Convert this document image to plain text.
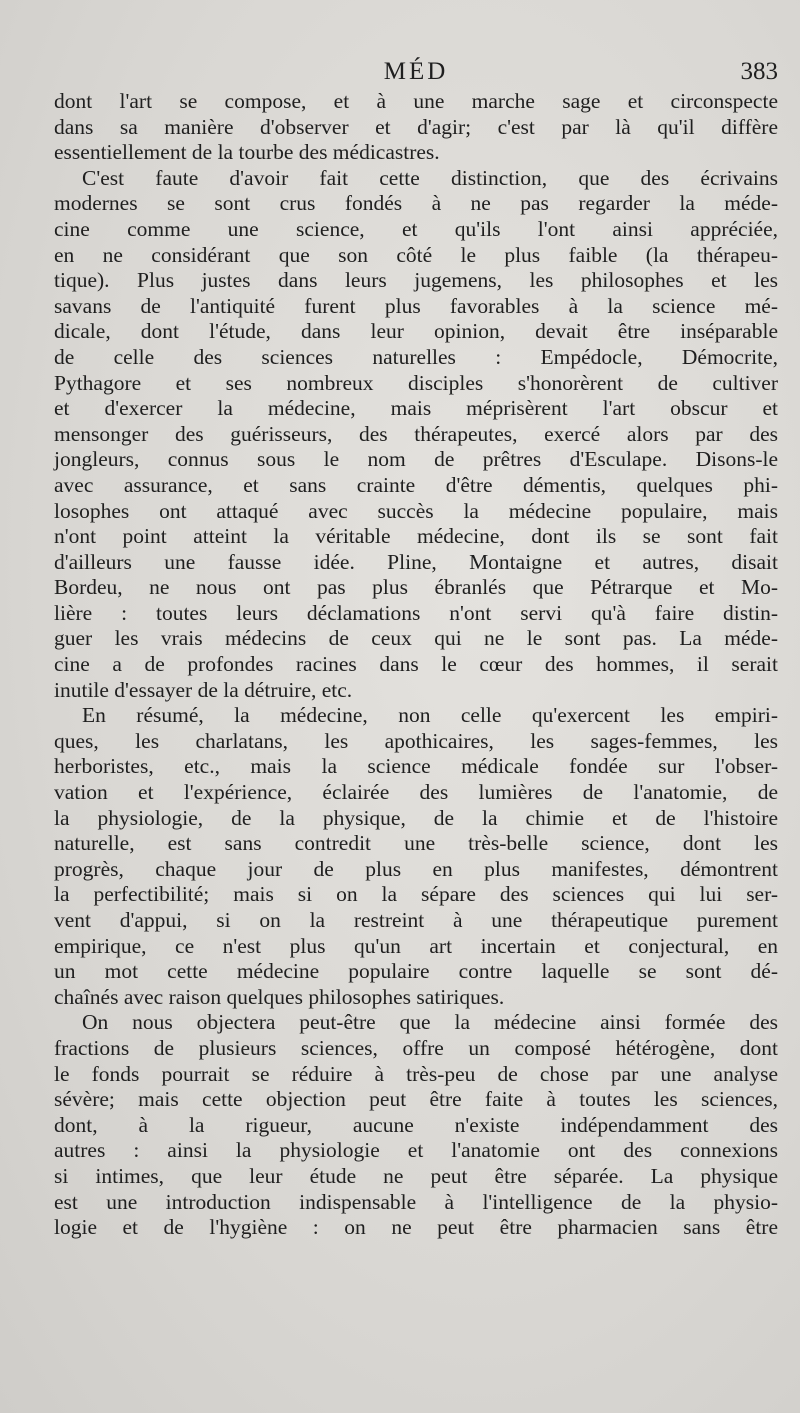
MÉD	383
dont l'art se compose, et à une marche sage et circonspecte
dans sa manière d'observer et d'agir; c'est par là qu'il diffère
essentiellement de la tourbe des médicastres.
C'est faute d'avoir fait cette distinction, que des écrivains
modernes se sont crus fondés à ne pas regarder la méde-
cine comme une science, et qu'ils l'ont ainsi appréciée,
en ne considérant que son côté le plus faible (la thérapeu-
tique). Plus justes dans leurs jugemens, les philosophes et les
savans de l'antiquité furent plus favorables à la science mé-
dicale, dont l'étude, dans leur opinion, devait être inséparable
de celle des sciences naturelles : Empédocle, Démocrite,
Pythagore et ses nombreux disciples s'honorèrent de cultiver
et d'exercer la médecine, mais méprisèrent l'art obscur et
mensonger des guérisseurs, des thérapeutes, exercé alors par des
jongleurs, connus sous le nom de prêtres d'Esculape. Disons-le
avec assurance, et sans crainte d'être démentis, quelques phi-
losophes ont attaqué avec succès la médecine populaire, mais
n'ont point atteint la véritable médecine, dont ils se sont fait
d'ailleurs une fausse idée. Pline, Montaigne et autres, disait
Bordeu, ne nous ont pas plus ébranlés que Pétrarque et Mo-
lière : toutes leurs déclamations n'ont servi qu'à faire distin-
guer les vrais médecins de ceux qui ne le sont pas. La méde-
cine a de profondes racines dans le cœur des hommes, il serait
inutile d'essayer de la détruire, etc.
En résumé, la médecine, non celle qu'exercent les empiri-
ques, les charlatans, les apothicaires, les sages-femmes, les
herboristes, etc., mais la science médicale fondée sur l'obser-
vation et l'expérience, éclairée des lumières de l'anatomie, de
la physiologie, de la physique, de la chimie et de l'histoire
naturelle, est sans contredit une très-belle science, dont les
progrès, chaque jour de plus en plus manifestes, démontrent
la perfectibilité; mais si on la sépare des sciences qui lui ser-
vent d'appui, si on la restreint à une thérapeutique purement
empirique, ce n'est plus qu'un art incertain et conjectural, en
un mot cette médecine populaire contre laquelle se sont dé-
chaînés avec raison quelques philosophes satiriques.
On nous objectera peut-être que la médecine ainsi formée des
fractions de plusieurs sciences, offre un composé hétérogène, dont
le fonds pourrait se réduire à très-peu de chose par une analyse
sévère; mais cette objection peut être faite à toutes les sciences,
dont, à la rigueur, aucune n'existe indépendamment des
autres : ainsi la physiologie et l'anatomie ont des connexions
si intimes, que leur étude ne peut être séparée. La physique
est une introduction indispensable à l'intelligence de la physio-
logie et de l'hygiène : on ne peut être pharmacien sans être
